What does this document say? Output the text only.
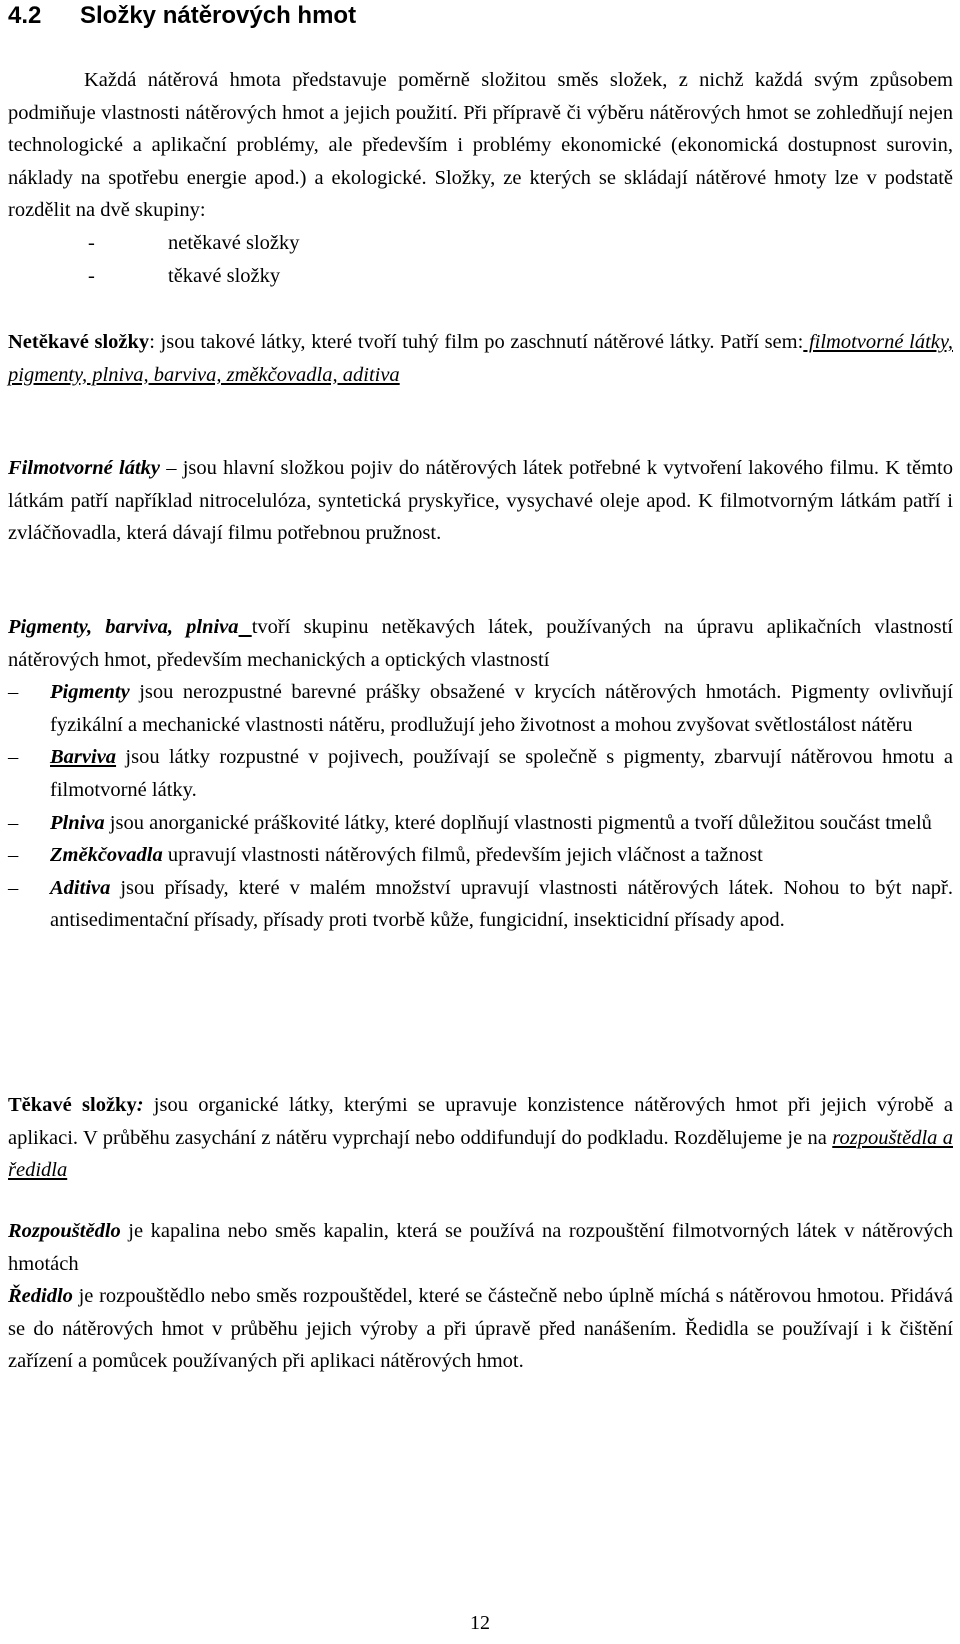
4.2 Složky nátěrových hmot

Každá nátěrová hmota představuje poměrně složitou směs složek, z nichž každá svým způsobem podmiňuje vlastnosti nátěrových hmot a jejich použití. Při přípravě či výběru nátěrových hmot se zohledňují nejen technologické a aplikační problémy, ale především i problémy ekonomické (ekonomická dostupnost surovin, náklady na spotřebu energie apod.) a ekologické. Složky, ze kterých se skládají nátěrové hmoty lze v podstatě rozdělit na dvě skupiny:

-	netěkavé složky
-	těkavé složky

Netěkavé složky: jsou takové látky, které tvoří tuhý film po zaschnutí nátěrové látky. Patří sem: filmotvorné látky, pigmenty, plniva, barviva, změkčovadla, aditiva

Filmotvorné látky – jsou hlavní složkou pojiv do nátěrových látek potřebné k vytvoření lakového filmu. K těmto látkám patří například nitrocelulóza, syntetická pryskyřice, vysychavé oleje apod. K filmotvorným látkám patří i zvláčňovadla, která dávají filmu potřebnou pružnost.

Pigmenty, barviva, plniva tvoří skupinu netěkavých látek, používaných na úpravu aplikačních vlastností nátěrových hmot, především mechanických a optických vlastností

– Pigmenty jsou nerozpustné barevné prášky obsažené v krycích nátěrových hmotách. Pigmenty ovlivňují fyzikální a mechanické vlastnosti nátěru, prodlužují jeho životnost a mohou zvyšovat světlostálost nátěru
– Barviva jsou látky rozpustné v pojivech, používají se společně s pigmenty, zbarvují nátěrovou hmotu a filmotvorné látky.
– Plniva jsou anorganické práškovité látky, které doplňují vlastnosti pigmentů a tvoří důležitou součást tmelů
– Změkčovadla upravují vlastnosti nátěrových filmů, především jejich vláčnost a tažnost
– Aditiva jsou přísady, které v malém množství upravují vlastnosti nátěrových látek. Nohou to být např. antisedimentační přísady, přísady proti tvorbě kůže, fungicidní, insekticidní přísady apod.

Těkavé složky: jsou organické látky, kterými se upravuje konzistence nátěrových hmot při jejich výrobě a aplikaci. V průběhu zasychání z nátěru vyprchají nebo oddifundují do podkladu. Rozdělujeme je na rozpouštědla a ředidla

Rozpouštědlo je kapalina nebo směs kapalin, která se používá na rozpouštění filmotvorných látek v nátěrových hmotách

Ředidlo je rozpouštědlo nebo směs rozpouštědel, které se částečně nebo úplně míchá s nátěrovou hmotou. Přidává se do nátěrových hmot v průběhu jejich výroby a při úpravě před nanášením. Ředidla se používají i k čištění zařízení a pomůcek používaných při aplikaci nátěrových hmot.

12
